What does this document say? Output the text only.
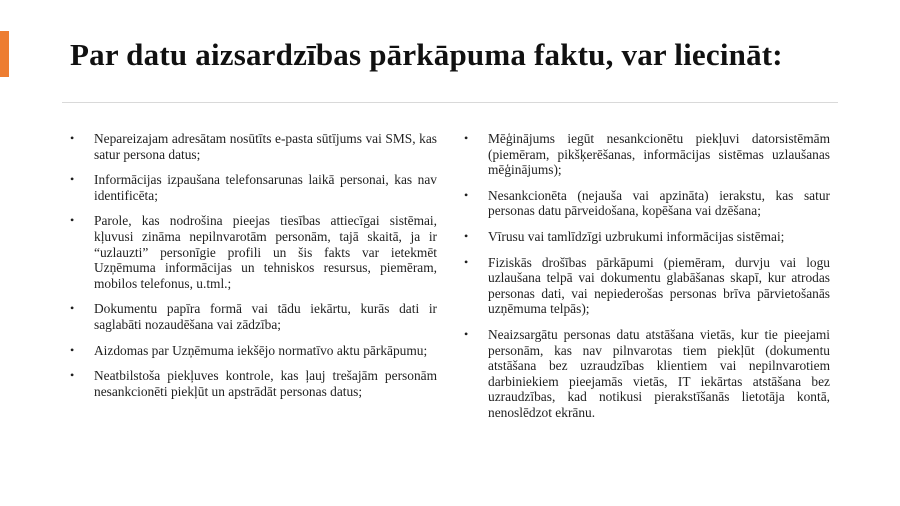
Par datu aizsardzības pārkāpuma faktu, var liecināt:
•	Nepareizajam adresātam nosūtīts e-pasta sūtījums vai SMS, kas satur persona datus;
•	Informācijas izpaušana telefonsarunas laikā personai, kas nav identificēta;
•	Parole, kas nodrošina pieejas tiesības attiecīgai sistēmai, kļuvusi zināma nepilnvarotām personām, tajā skaitā, ja ir “uzlauzti” personīgie profili un šis fakts var ietekmēt Uzņēmuma informācijas un tehniskos resursus, piemēram, mobilos telefonus, u.tml.;
•	Dokumentu papīra formā vai tādu iekārtu, kurās dati ir saglabāti nozaudēšana vai zādzība;
•	Aizdomas par Uzņēmuma iekšējo normatīvo aktu pārkāpumu;
•	Neatbilstoša piekļuves kontrole, kas ļauj trešajām personām nesankcionēti piekļūt un apstrādāt personas datus;
•	Mēģinājums iegūt nesankcionētu piekļuvi datorsistēmām (piemēram, pikšķerēšanas, informācijas sistēmas uzlaušanas mēģinājums);
•	Nesankcionēta (nejauša vai apzināta) ierakstu, kas satur personas datu pārveidošana, kopēšana vai dzēšana;
•	Vīrusu vai tamlīdzīgi uzbrukumi informācijas sistēmai;
•	Fiziskās drošības pārkāpumi (piemēram, durvju vai logu uzlaušana telpā vai dokumentu glabāšanas skapī, kur atrodas personas dati, vai nepiederošas personas brīva pārvietošanās uzņēmuma telpās);
•	Neaizsargātu personas datu atstāšana vietās, kur tie pieejami personām, kas nav pilnvarotas tiem piekļūt (dokumentu atstāšana bez uzraudzības klientiem vai nepilnvarotiem darbiniekiem pieejamās vietās, IT iekārtas atstāšana bez uzraudzības, kad notikusi pierakstīšanās lietotāja kontā, nenoslēdzot ekrānu.
